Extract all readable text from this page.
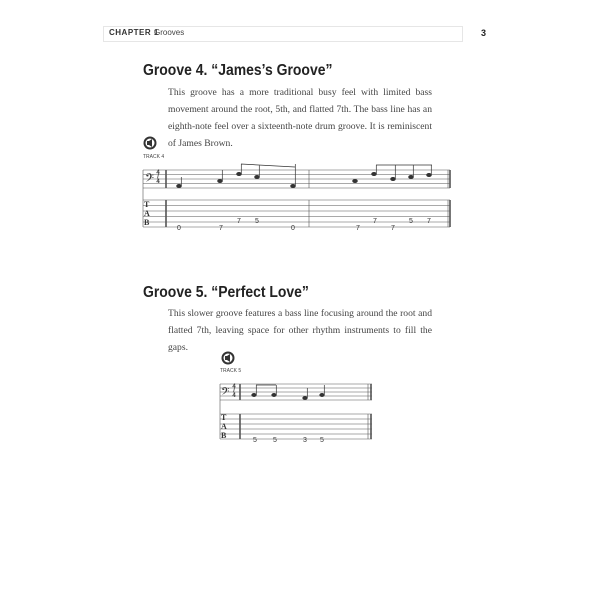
CHAPTER 1
Grooves	3
Groove 4. “James’s Groove”
This groove has a more traditional busy feel with limited bass movement around the root, 5th, and flatted 7th. The bass line has an eighth-note feel over a sixteenth-note drum groove. It is reminiscent of James Brown.
Groove 5. “Perfect Love”
This slower groove features a bass line focusing around the root and flatted 7th, leaving space for other rhythm instruments to fill the gaps.
4/4
4/4
TRACK 4
𝄢
T
A
B
0	7
7 5
0	7
7
7
5 7
TRACK 5
𝄢
T
A
B
5 5	3 5
